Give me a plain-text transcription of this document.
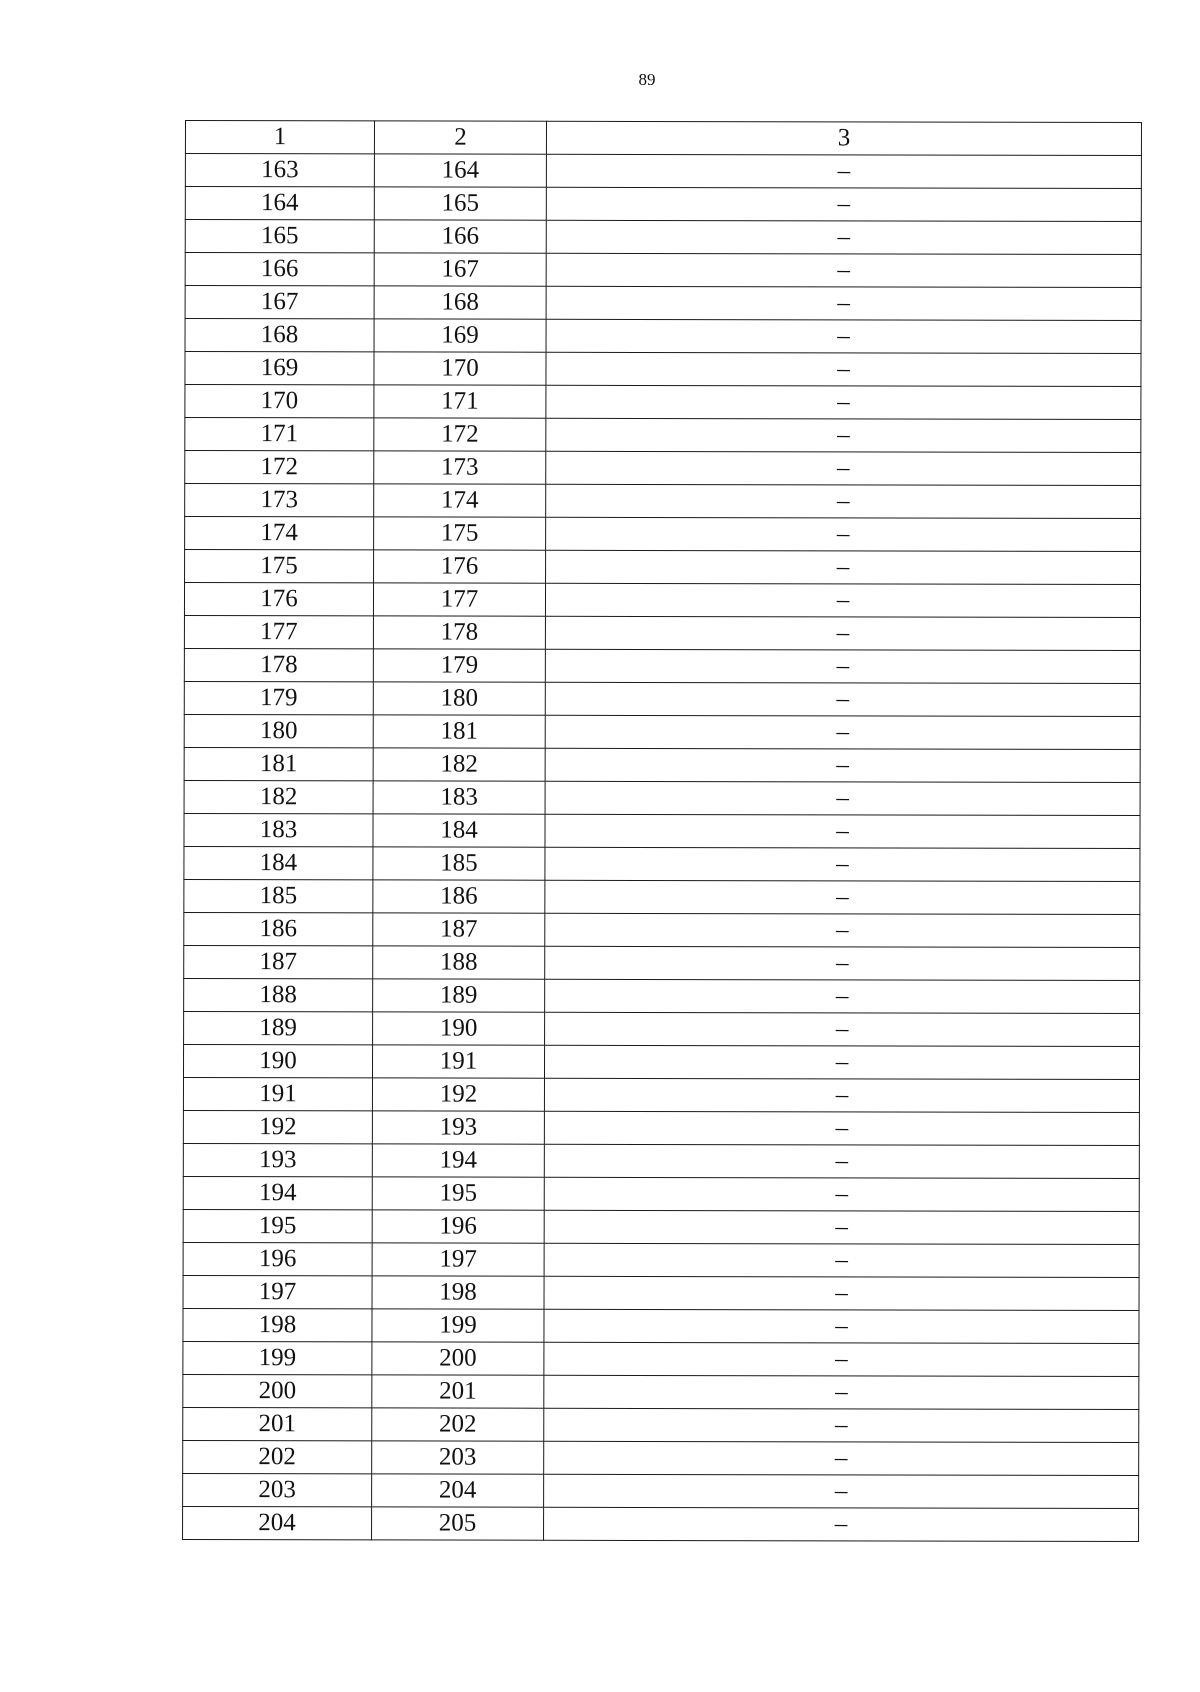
89
1	2	3
163	164	–
164	165	–
165	166	–
166	167	–
167	168	–
168	169	–
169	170	–
170	171	–
171	172	–
172	173	–
173	174	–
174	175	–
175	176	–
176	177	–
177	178	–
178	179	–
179	180	–
180	181	–
181	182	–
182	183	–
183	184	–
184	185	–
185	186	–
186	187	–
187	188	–
188	189	–
189	190	–
190	191	–
191	192	–
192	193	–
193	194	–
194	195	–
195	196	–
196	197	–
197	198	–
198	199	–
199	200	–
200	201	–
201	202	–
202	203	–
203	204	–
204	205	–
